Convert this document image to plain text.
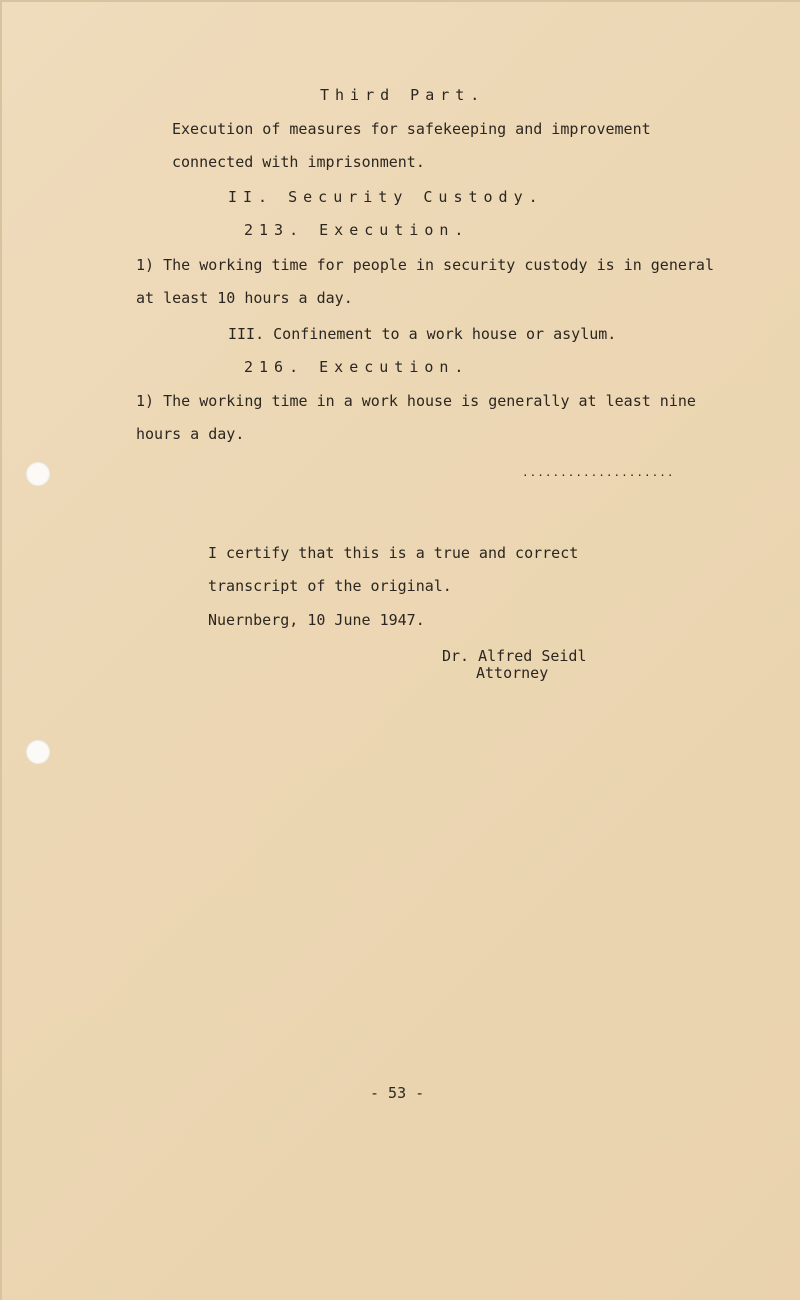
Third Part.
Execution of measures for safekeeping and improvement
connected with imprisonment.
II. Security Custody.
213. Execution.
1) The working time for people in security custody is in general
at least 10 hours a day.
III. Confinement to a work house or asylum.
216. Execution.
1) The working time in a work house is generally at least nine
hours a day.
....................
I certify that this is a true and correct
transcript of the original.
Nuernberg, 10 June 1947.
Dr. Alfred Seidl
Attorney
- 53 -
